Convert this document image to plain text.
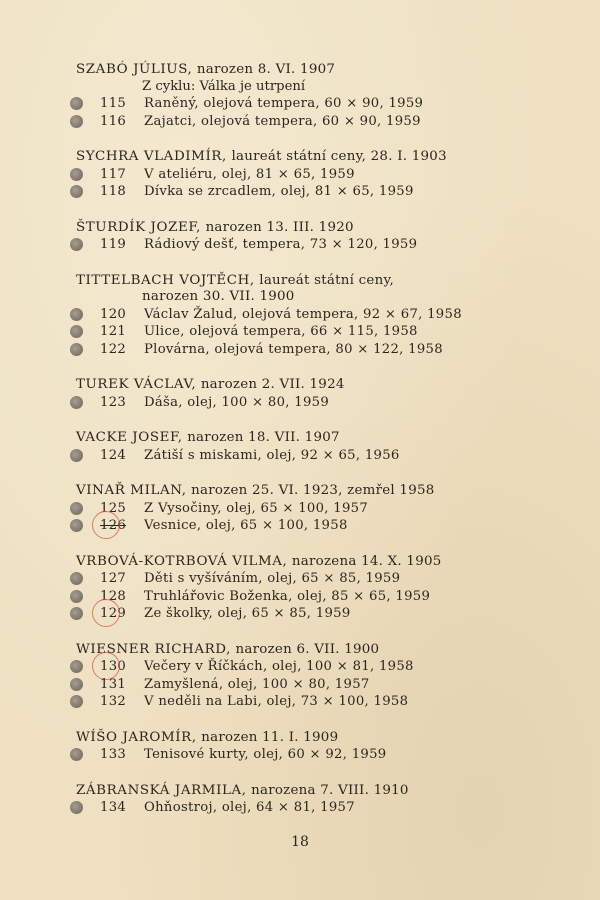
SZABÓ JÚLIUS, narozen 8. VI. 1907
Z cyklu: Válka je utrpení
115 Raněný, olejová tempera, 60 × 90, 1959
116 Zajatci, olejová tempera, 60 × 90, 1959
SYCHRA VLADIMÍR, laureát státní ceny, 28. I. 1903
117 V ateliéru, olej, 81 × 65, 1959
118 Dívka se zrcadlem, olej, 81 × 65, 1959
ŠTURDÍK JOZEF, narozen 13. III. 1920
119 Rádiový dešť, tempera, 73 × 120, 1959
TITTELBACH VOJTĚCH, laureát státní ceny,
narozen 30. VII. 1900
120 Václav Žalud, olejová tempera, 92 × 67, 1958
121 Ulice, olejová tempera, 66 × 115, 1958
122 Plovárna, olejová tempera, 80 × 122, 1958
TUREK VÁCLAV, narozen 2. VII. 1924
123 Dáša, olej, 100 × 80, 1959
VACKE JOSEF, narozen 18. VII. 1907
124 Zátiší s miskami, olej, 92 × 65, 1956
VINAŘ MILAN, narozen 25. VI. 1923, zemřel 1958
125 Z Vysočiny, olej, 65 × 100, 1957
126 Vesnice, olej, 65 × 100, 1958
VRBOVÁ-KOTRBOVÁ VILMA, narozena 14. X. 1905
127 Děti s vyšíváním, olej, 65 × 85, 1959
128 Truhlářovic Boženka, olej, 85 × 65, 1959
129 Ze školky, olej, 65 × 85, 1959
WIESNER RICHARD, narozen 6. VII. 1900
130 Večery v Říčkách, olej, 100 × 81, 1958
131 Zamyšlená, olej, 100 × 80, 1957
132 V neděli na Labi, olej, 73 × 100, 1958
WÍŠO JAROMÍR, narozen 11. I. 1909
133 Tenisové kurty, olej, 60 × 92, 1959
ZÁBRANSKÁ JARMILA, narozena 7. VIII. 1910
134 Ohňostroj, olej, 64 × 81, 1957
18
